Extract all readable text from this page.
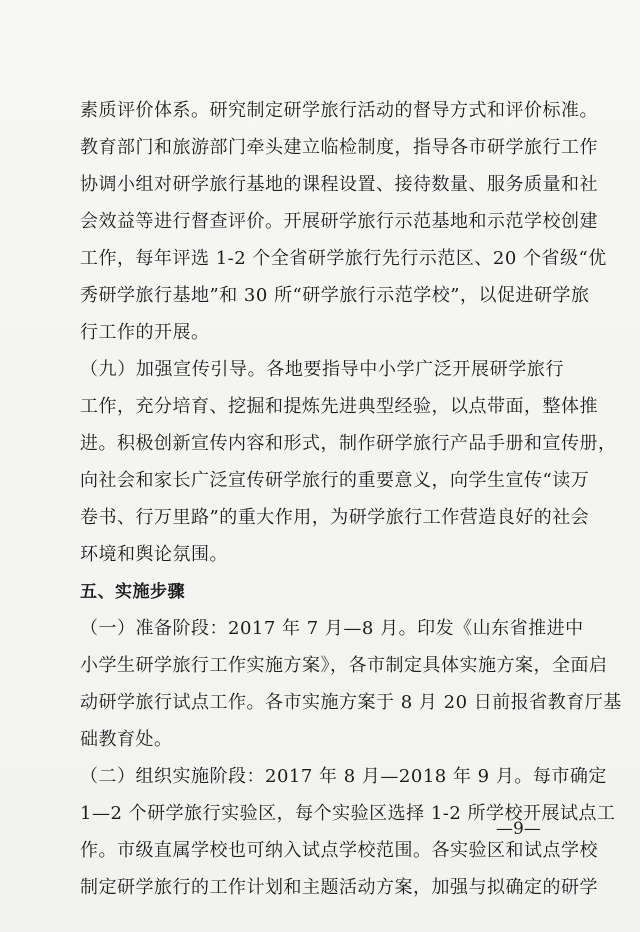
素质评价体系。研究制定研学旅行活动的督导方式和评价标准。
教育部门和旅游部门牵头建立临检制度，指导各市研学旅行工作
协调小组对研学旅行基地的课程设置、接待数量、服务质量和社
会效益等进行督查评价。开展研学旅行示范基地和示范学校创建
工作，每年评选 1-2 个全省研学旅行先行示范区、20 个省级“优
秀研学旅行基地”和 30 所“研学旅行示范学校”，以促进研学旅
行工作的开展。
（九）加强宣传引导。各地要指导中小学广泛开展研学旅行
工作，充分培育、挖掘和提炼先进典型经验，以点带面，整体推
进。积极创新宣传内容和形式，制作研学旅行产品手册和宣传册，
向社会和家长广泛宣传研学旅行的重要意义，向学生宣传“读万
卷书、行万里路”的重大作用，为研学旅行工作营造良好的社会
环境和舆论氛围。
五、实施步骤
（一）准备阶段：2017 年 7 月—8 月。印发《山东省推进中
小学生研学旅行工作实施方案》，各市制定具体实施方案，全面启
动研学旅行试点工作。各市实施方案于 8 月 20 日前报省教育厅基
础教育处。
（二）组织实施阶段：2017 年 8 月—2018 年 9 月。每市确定
1—2 个研学旅行实验区，每个实验区选择 1-2 所学校开展试点工
作。市级直属学校也可纳入试点学校范围。各实验区和试点学校
制定研学旅行的工作计划和主题活动方案，加强与拟确定的研学
—9—
